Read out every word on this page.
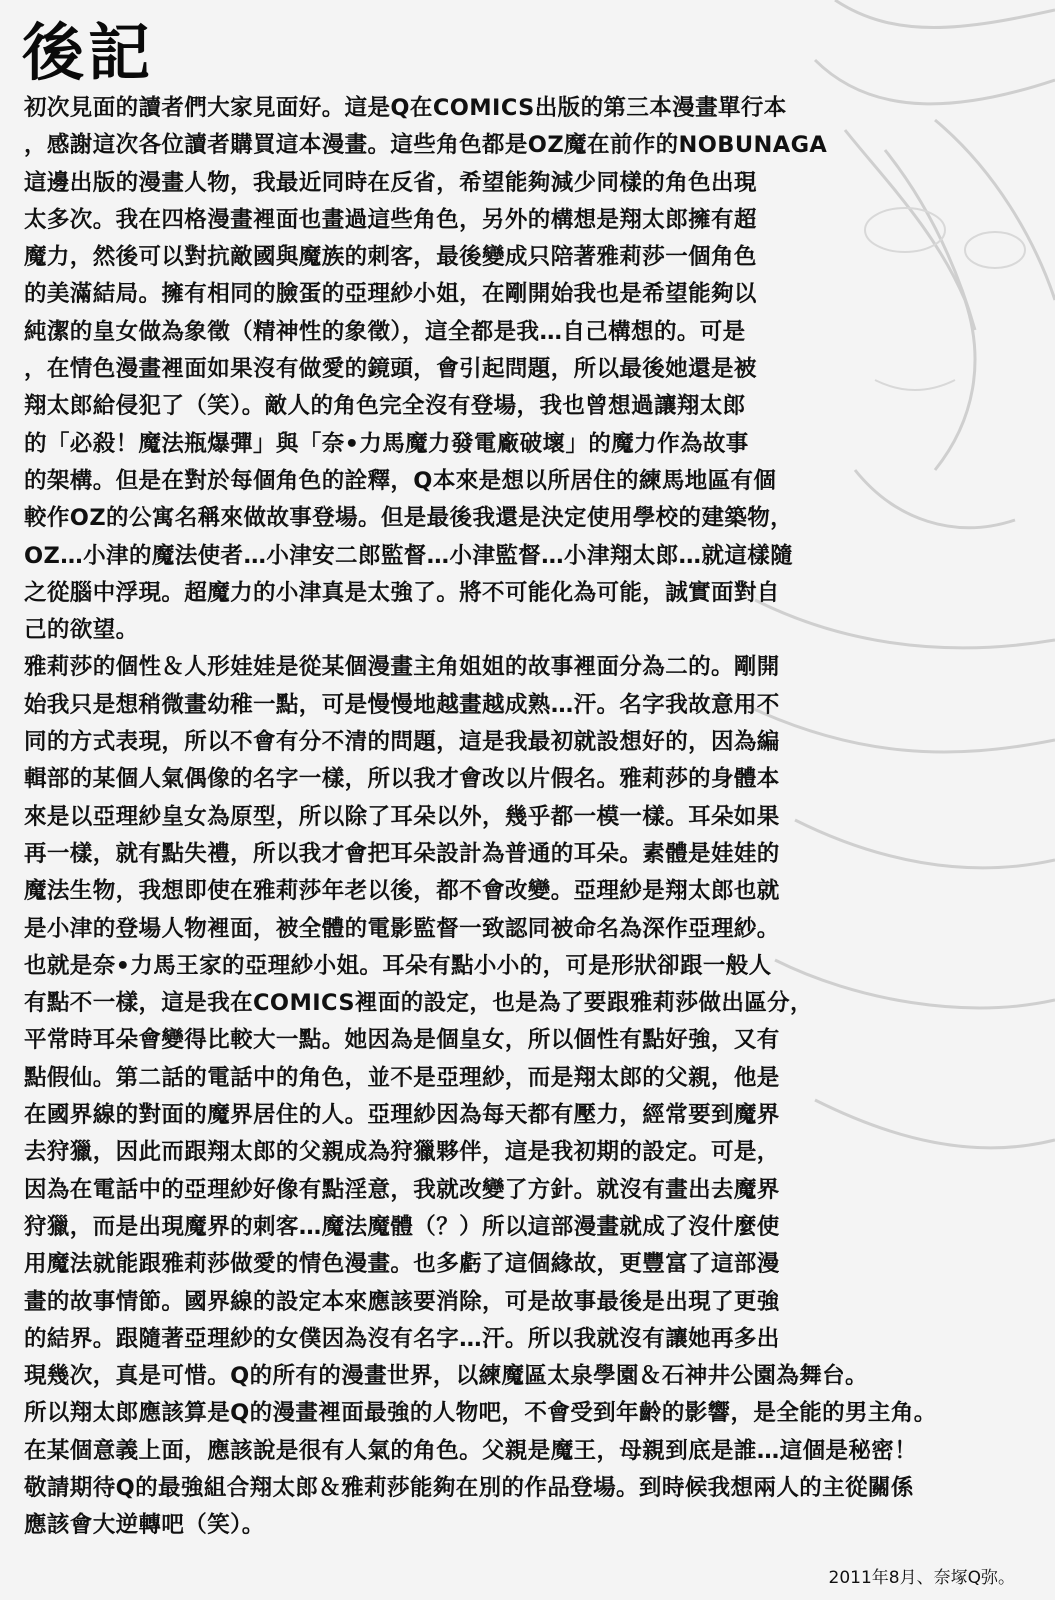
後記
初次見面的讀者們大家見面好。這是Q在COMICS出版的第三本漫畫單行本
，感謝這次各位讀者購買這本漫畫。這些角色都是OZ魔在前作的NOBUNAGA
這邊出版的漫畫人物，我最近同時在反省，希望能夠減少同樣的角色出現
太多次。我在四格漫畫裡面也畫過這些角色，另外的構想是翔太郎擁有超
魔力，然後可以對抗敵國與魔族的刺客，最後變成只陪著雅莉莎一個角色
的美滿結局。擁有相同的臉蛋的亞理紗小姐，在剛開始我也是希望能夠以
純潔的皇女做為象徵（精神性的象徵），這全都是我…自己構想的。可是
，在情色漫畫裡面如果沒有做愛的鏡頭，會引起問題，所以最後她還是被
翔太郎給侵犯了（笑）。敵人的角色完全沒有登場，我也曾想過讓翔太郎
的「必殺！魔法瓶爆彈」與「奈•力馬魔力發電廠破壞」的魔力作為故事
的架構。但是在對於每個角色的詮釋，Q本來是想以所居住的練馬地區有個
較作OZ的公寓名稱來做故事登場。但是最後我還是決定使用學校的建築物，
OZ…小津的魔法使者…小津安二郎監督…小津監督…小津翔太郎…就這樣隨
之從腦中浮現。超魔力的小津真是太強了。將不可能化為可能，誠實面對自
己的欲望。
雅莉莎的個性＆人形娃娃是從某個漫畫主角姐姐的故事裡面分為二的。剛開
始我只是想稍微畫幼稚一點，可是慢慢地越畫越成熟…汗。名字我故意用不
同的方式表現，所以不會有分不清的問題，這是我最初就設想好的，因為編
輯部的某個人氣偶像的名字一樣，所以我才會改以片假名。雅莉莎的身體本
來是以亞理紗皇女為原型，所以除了耳朵以外，幾乎都一模一樣。耳朵如果
再一樣，就有點失禮，所以我才會把耳朵設計為普通的耳朵。素體是娃娃的
魔法生物，我想即使在雅莉莎年老以後，都不會改變。亞理紗是翔太郎也就
是小津的登場人物裡面，被全體的電影監督一致認同被命名為深作亞理紗。
也就是奈•力馬王家的亞理紗小姐。耳朵有點小小的，可是形狀卻跟一般人
有點不一樣，這是我在COMICS裡面的設定，也是為了要跟雅莉莎做出區分，
平常時耳朵會變得比較大一點。她因為是個皇女，所以個性有點好強，又有
點假仙。第二話的電話中的角色，並不是亞理紗，而是翔太郎的父親，他是
在國界線的對面的魔界居住的人。亞理紗因為每天都有壓力，經常要到魔界
去狩獵，因此而跟翔太郎的父親成為狩獵夥伴，這是我初期的設定。可是，
因為在電話中的亞理紗好像有點淫意，我就改變了方針。就沒有畫出去魔界
狩獵，而是出現魔界的刺客…魔法魔體（？）所以這部漫畫就成了沒什麼使
用魔法就能跟雅莉莎做愛的情色漫畫。也多虧了這個緣故，更豐富了這部漫
畫的故事情節。國界線的設定本來應該要消除，可是故事最後是出現了更強
的結界。跟隨著亞理紗的女僕因為沒有名字…汗。所以我就沒有讓她再多出
現幾次，真是可惜。Q的所有的漫畫世界，以練魔區太泉學園＆石神井公園為舞台。
所以翔太郎應該算是Q的漫畫裡面最強的人物吧，不會受到年齡的影響，是全能的男主角。
在某個意義上面，應該說是很有人氣的角色。父親是魔王，母親到底是誰…這個是秘密！
敬請期待Q的最強組合翔太郎＆雅莉莎能夠在別的作品登場。到時候我想兩人的主從關係
應該會大逆轉吧（笑）。
2011年8月、奈塚Q弥。
